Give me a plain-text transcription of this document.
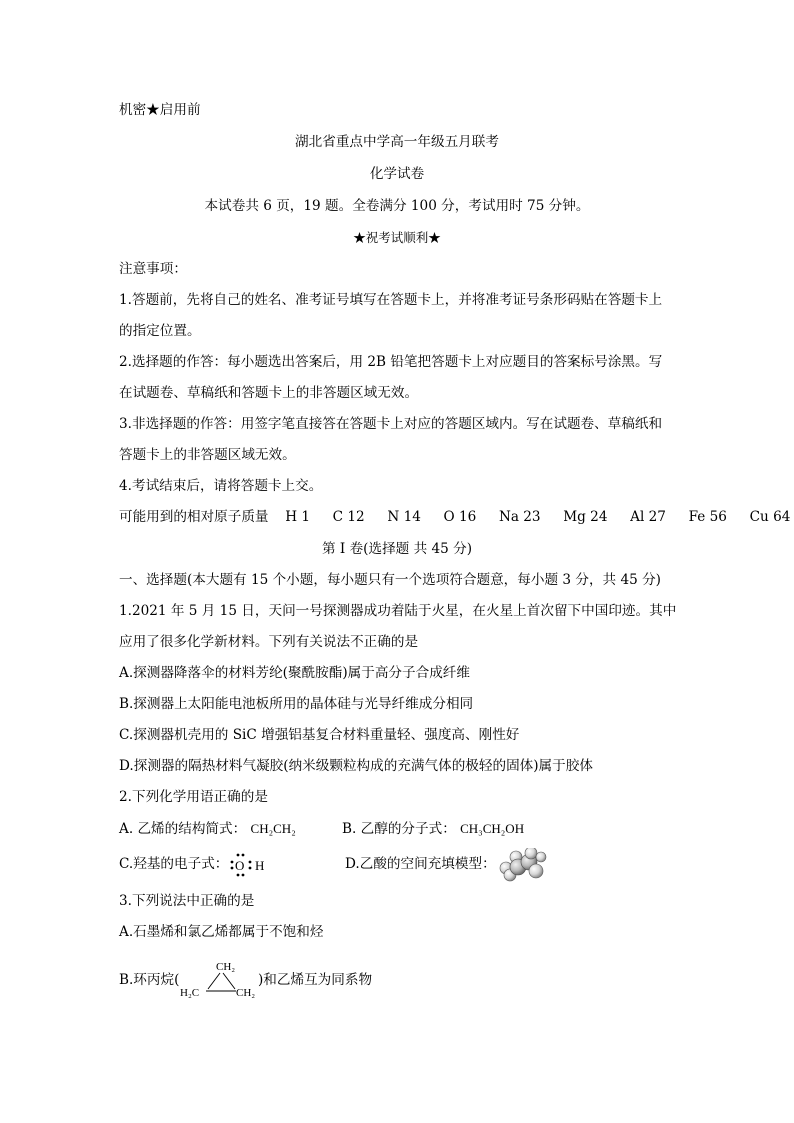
机密★启用前
湖北省重点中学高一年级五月联考
化学试卷
本试卷共 6 页，19 题。全卷满分 100 分，考试用时 75 分钟。
★祝考试顺利★
注意事项：
1.答题前，先将自己的姓名、准考证号填写在答题卡上，并将准考证号条形码贴在答题卡上
的指定位置。
2.选择题的作答：每小题选出答案后，用 2B 铅笔把答题卡上对应题目的答案标号涂黑。写
在试题卷、草稿纸和答题卡上的非答题区域无效。
3.非选择题的作答：用签字笔直接答在答题卡上对应的答题区域内。写在试题卷、草稿纸和
答题卡上的非答题区域无效。
4.考试结束后，请将答题卡上交。
可能用到的相对原子质量 H 1 C 12 N 14 O 16 Na 23 Mg 24 Al 27 Fe 56 Cu 64
第 I 卷(选择题 共 45 分)
一、选择题(本大题有 15 个小题，每小题只有一个选项符合题意，每小题 3 分，共 45 分)
1.2021 年 5 月 15 日，天问一号探测器成功着陆于火星，在火星上首次留下中国印迹。其中
应用了很多化学新材料。下列有关说法不正确的是
A.探测器降落伞的材料芳纶(聚酰胺酯)属于高分子合成纤维
B.探测器上太阳能电池板所用的晶体硅与光导纤维成分相同
C.探测器机壳用的 SiC 增强铝基复合材料重量轻、强度高、刚性好
D.探测器的隔热材料气凝胶(纳米级颗粒构成的充满气体的极轻的固体)属于胶体
2.下列化学用语正确的是
A. 乙烯的结构简式： CH₂CH₂	B. 乙醇的分子式： CH₃CH₂OH
C.羟基的电子式： O H	D.乙酸的空间充填模型：
3.下列说法中正确的是
A.石墨烯和氯乙烯都属于不饱和烃
B.环丙烷(
CH₂
H₂C	CH₂
)和乙烯互为同系物
